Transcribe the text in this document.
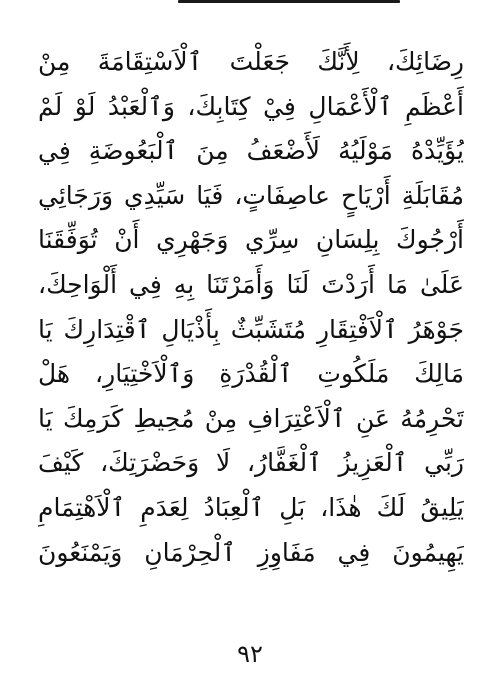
رِضَائِكَ، لِأَنَّكَ جَعَلْتَ ٱلْاَسْتِقَامَةَ مِنْ
أَعْظَمِ ٱلْأَعْمَالِ فِيْ كِتَابِكَ، وَٱلْعَبْدُ لَوْ لَمْ
يُؤَيِّدْهُ مَوْلَيُهُ لَأَضْعَفُ مِنَ ٱلْبَعُوضَةِ فِي
مُقَابَلَةِ أَرْيَاحٍ عاصِفَاتٍ، فَيَا سَيِّدِي وَرَجَائِي
أَرْجُوكَ بِلِسَانِ سِرِّي وَجَهْرِي أَنْ تُوَفِّقَنَا
عَلَىٰ مَا أَرَدْتَ لَنَا وَأَمَرْتَنَا بِهِ فِي أَلْوَاحِكَ،
جَوْهَرُ ٱلْاَفْتِقَارِ مُتَشَبِّثٌ بِأَذْيَالِ ٱقْتِدَارِكَ يَا
مَالِكَ مَلَكُوتِ ٱلْقُدْرَةِ وَٱلْاَخْتِيَارِ، هَلْ
تَحْرِمُهُ عَنِ ٱلْاَعْتِرَافِ مِنْ مُحِيطِ كَرَمِكَ يَا
رَبِّي ٱلْعَزِيزُ ٱلْغَفَّارُ، لَا وَحَضْرَتِكَ، كَيْفَ
يَلِيقُ لَكَ هٰذَا، بَلِ ٱلْعِبَادُ لِعَدَمِ ٱلْاَهْتِمَامِ
يَهِيمُونَ فِي مَفَاوِزِ ٱلْحِرْمَانِ وَيَمْنَعُونَ
٩٢
